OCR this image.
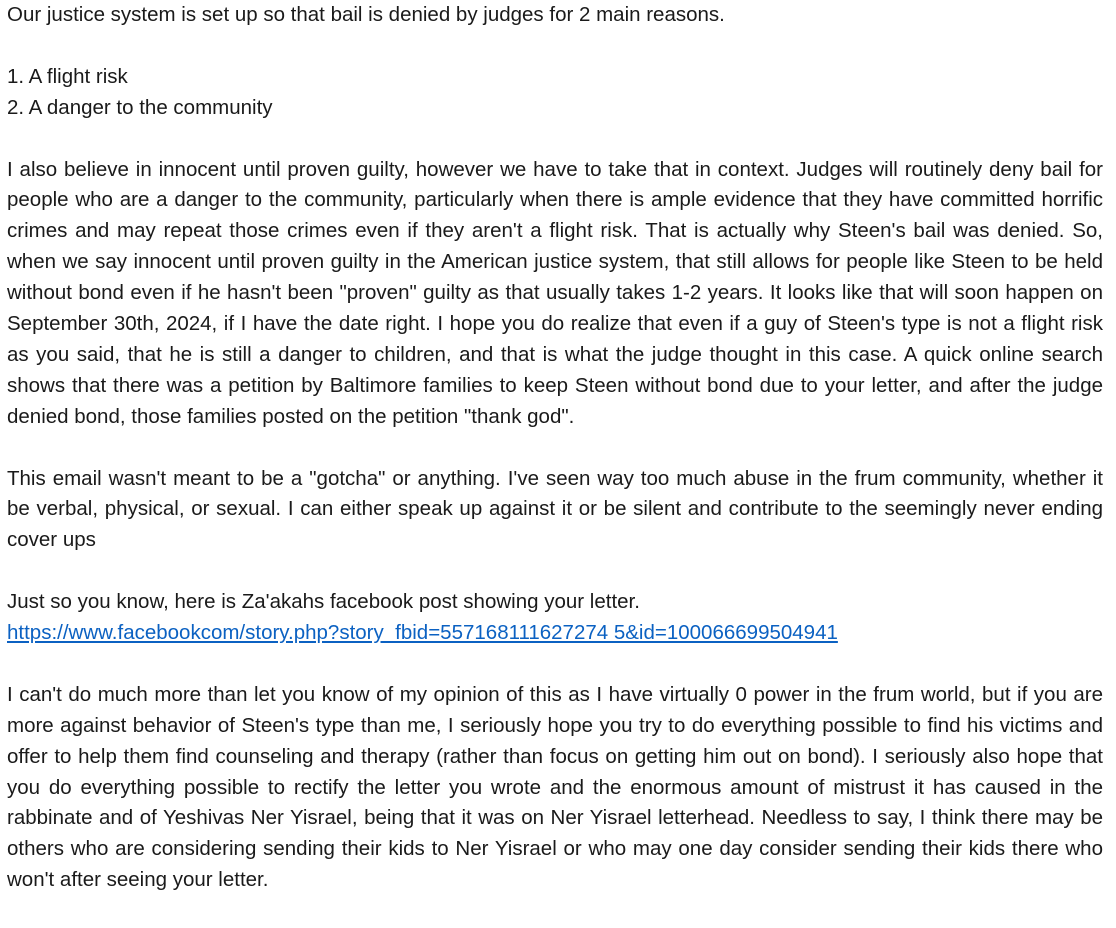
Our justice system is set up so that bail is denied by judges for 2 main reasons.

1. A flight risk

2. A danger to the community

I also believe in innocent until proven guilty, however we have to take that in context. Judges will routinely deny bail for people who are a danger to the community, particularly when there is ample evidence that they have committed horrific crimes and may repeat those crimes even if they aren't a flight risk. That is actually why Steen's bail was denied. So, when we say innocent until proven guilty in the American justice system, that still allows for people like Steen to be held without bond even if he hasn't been "proven" guilty as that usually takes 1-2 years. It looks like that will soon happen on September 30th, 2024, if I have the date right. I hope you do realize that even if a guy of Steen's type is not a flight risk as you said, that he is still a danger to children, and that is what the judge thought in this case. A quick online search shows that there was a petition by Baltimore families to keep Steen without bond due to your letter, and after the judge denied bond, those families posted on the petition "thank god".

This email wasn't meant to be a "gotcha" or anything. I've seen way too much abuse in the frum community, whether it be verbal, physical, or sexual. I can either speak up against it or be silent and contribute to the seemingly never ending cover ups

Just so you know, here is Za'akahs facebook post showing your letter.

https://www.facebookcom/story.php?story_fbid=557168111627274 5&id=100066699504941

I can't do much more than let you know of my opinion of this as I have virtually 0 power in the frum world, but if you are more against behavior of Steen's type than me, I seriously hope you try to do everything possible to find his victims and offer to help them find counseling and therapy (rather than focus on getting him out on bond). I seriously also hope that you do everything possible to rectify the letter you wrote and the enormous amount of mistrust it has caused in the rabbinate and of Yeshivas Ner Yisrael, being that it was on Ner Yisrael letterhead. Needless to say, I think there may be others who are considering sending their kids to Ner Yisrael or who may one day consider sending their kids there who won't after seeing your letter.
